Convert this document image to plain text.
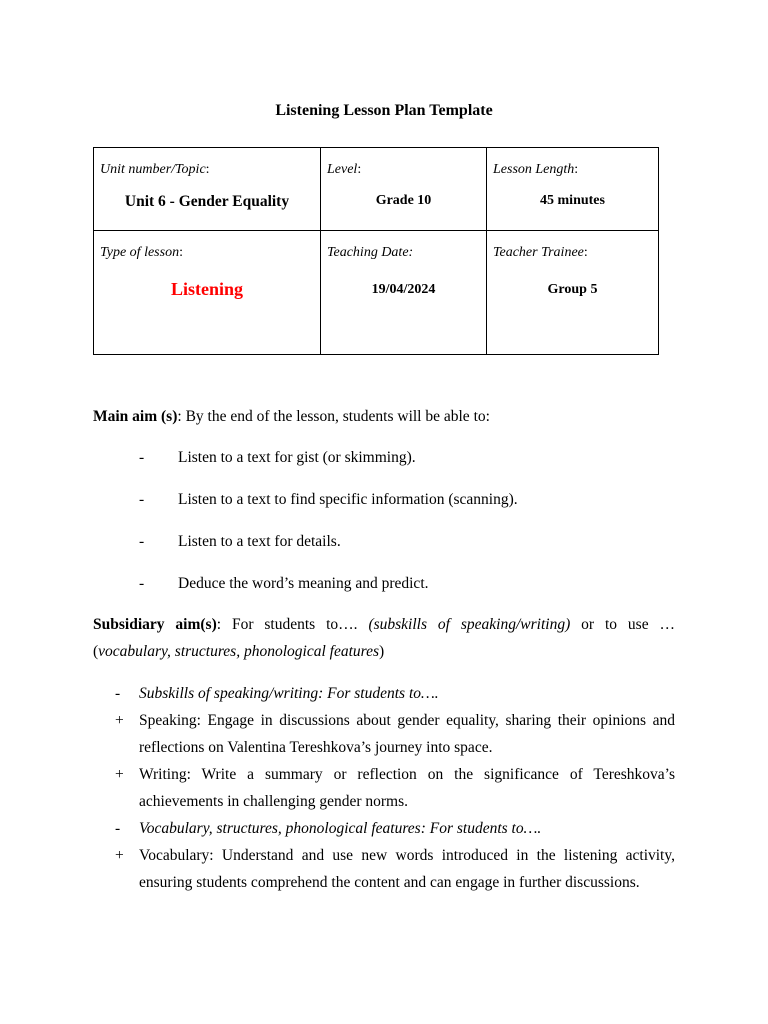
Listening Lesson Plan Template
Unit number/Topic:
Unit 6 - Gender Equality	Level:
Grade 10	Lesson Length:
45 minutes

Type of lesson:
Listening	Teaching Date:
19/04/2024	Teacher Trainee:
Group 5
Main aim (s): By the end of the lesson, students will be able to:
- Listen to a text for gist (or skimming).
- Listen to a text to find specific information (scanning).
- Listen to a text for details.
- Deduce the word’s meaning and predict.
Subsidiary aim(s): For students to…. (subskills of speaking/writing) or to use … (vocabulary, structures, phonological features)
- Subskills of speaking/writing: For students to….
+ Speaking: Engage in discussions about gender equality, sharing their opinions and reflections on Valentina Tereshkova’s journey into space.
+ Writing: Write a summary or reflection on the significance of Tereshkova’s achievements in challenging gender norms.
- Vocabulary, structures, phonological features: For students to….
+ Vocabulary: Understand and use new words introduced in the listening activity, ensuring students comprehend the content and can engage in further discussions.
